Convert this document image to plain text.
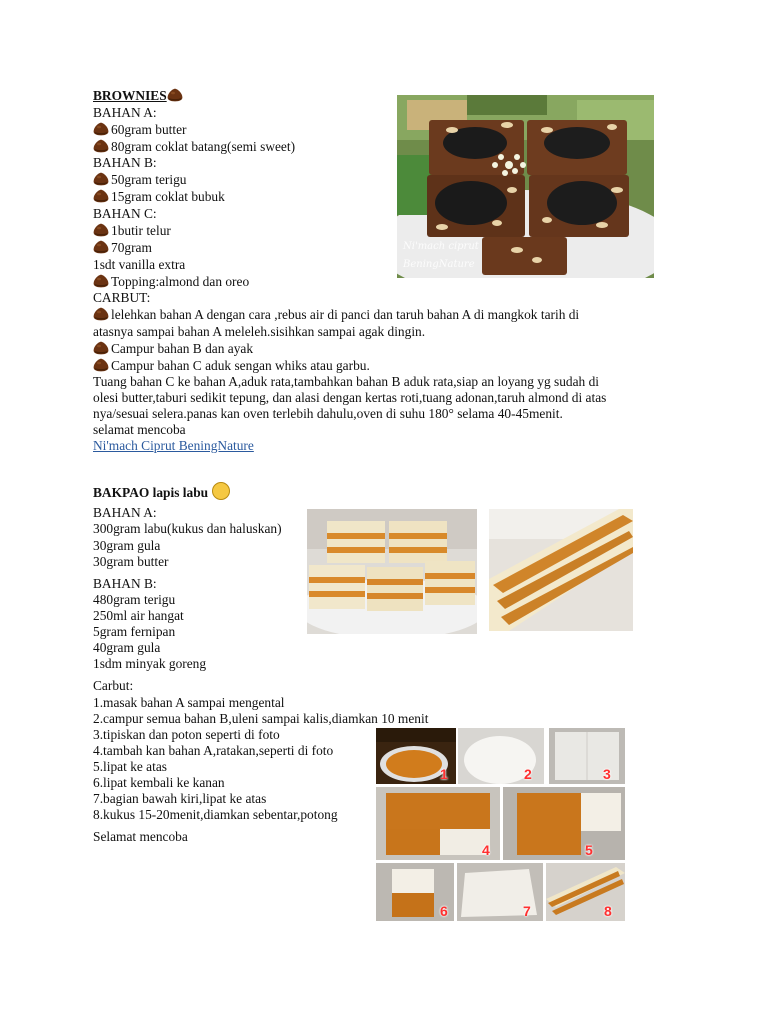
BROWNIES
BAHAN A:
60gram butter
80gram coklat batang(semi sweet)
BAHAN B:
50gram terigu
15gram coklat bubuk
BAHAN C:
1butir telur
70gram
1sdt vanilla extra
Topping:almond dan oreo
CARBUT:
lelehkan bahan A dengan cara ,rebus air di panci dan taruh bahan A di mangkok tarih di
atasnya sampai bahan A meleleh.sisihkan sampai agak dingin.
Campur bahan B dan ayak
Campur bahan C aduk sengan whiks atau garbu.
Tuang bahan C ke bahan A,aduk rata,tambahkan bahan B aduk rata,siap an loyang yg sudah di
olesi butter,taburi sedikit tepung, dan alasi dengan kertas roti,tuang adonan,taruh almond di atas
nya/sesuai selera.panas kan oven terlebih dahulu,oven di suhu 180° selama 40-45menit.
selamat mencoba
Ni'mach Ciprut BeningNature
Ni'mach ciprut
BeningNature
BAKPAO lapis labu
BAHAN A:
300gram labu(kukus dan haluskan)
30gram gula
30gram butter
BAHAN B:
480gram terigu
250ml air hangat
5gram fernipan
40gram gula
1sdm minyak goreng
Carbut:
1.masak bahan A sampai mengental
2.campur semua bahan B,uleni sampai kalis,diamkan 10 menit
3.tipiskan dan poton seperti di foto
4.tambah kan bahan A,ratakan,seperti di foto
5.lipat ke atas
6.lipat kembali ke kanan
7.bagian bawah kiri,lipat ke atas
8.kukus 15-20menit,diamkan sebentar,potong
Selamat mencoba
1	2	3
4	5
6	7	8
